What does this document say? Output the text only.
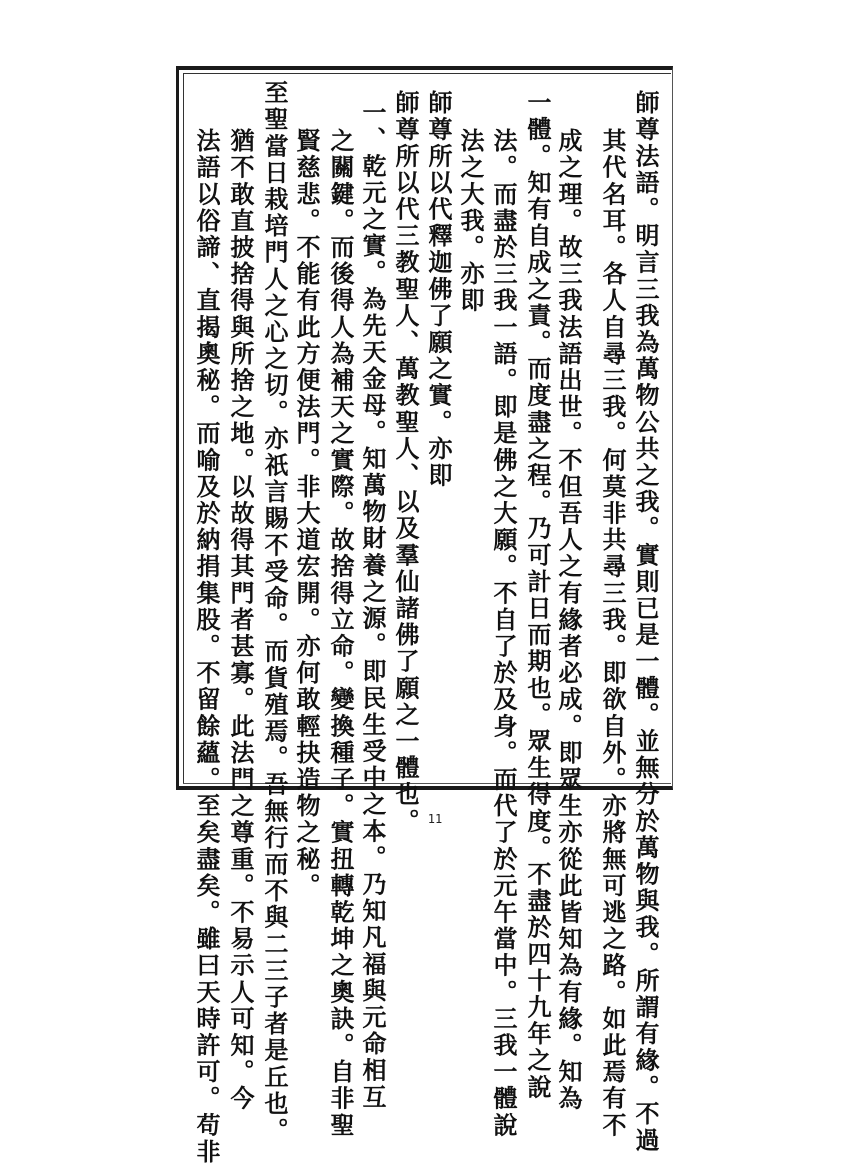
師尊法語。明言三我為萬物公共之我。實則已是一體。並無分於萬物與我。所謂有緣。不過
其代名耳。各人自尋三我。何莫非共尋三我。即欲自外。亦將無可逃之路。如此焉有不
成之理。故三我法語出世。不但吾人之有緣者必成。即眾生亦從此皆知為有緣。知為
一體。知有自成之責。而度盡之程。乃可計日而期也。眾生得度。不盡於四十九年之說
法。而盡於三我一語。即是佛之大願。不自了於及身。而代了於元午當中。三我一體說
法之大我。亦即
師尊所以代釋迦佛了願之實。亦即
師尊所以代三教聖人、萬教聖人、以及羣仙諸佛了願之一體也。
一、乾元之實。為先天金母。知萬物財養之源。即民生受中之本。乃知凡福與元命相互
之關鍵。而後得人為補天之實際。故捨得立命。變換種子。實扭轉乾坤之奧訣。自非聖
賢慈悲。不能有此方便法門。非大道宏開。亦何敢輕抉造物之秘。
至聖當日栽培門人之心之切。亦祇言賜不受命。而貨殖焉。吾無行而不與二三子者是丘也。
猶不敢直披捨得與所捨之地。以故得其門者甚寡。此法門之尊重。不易示人可知。今
法語以俗諦、直揭奧秘。而喻及於納捐集股。不留餘蘊。至矣盡矣。雖曰天時許可。苟非	11
